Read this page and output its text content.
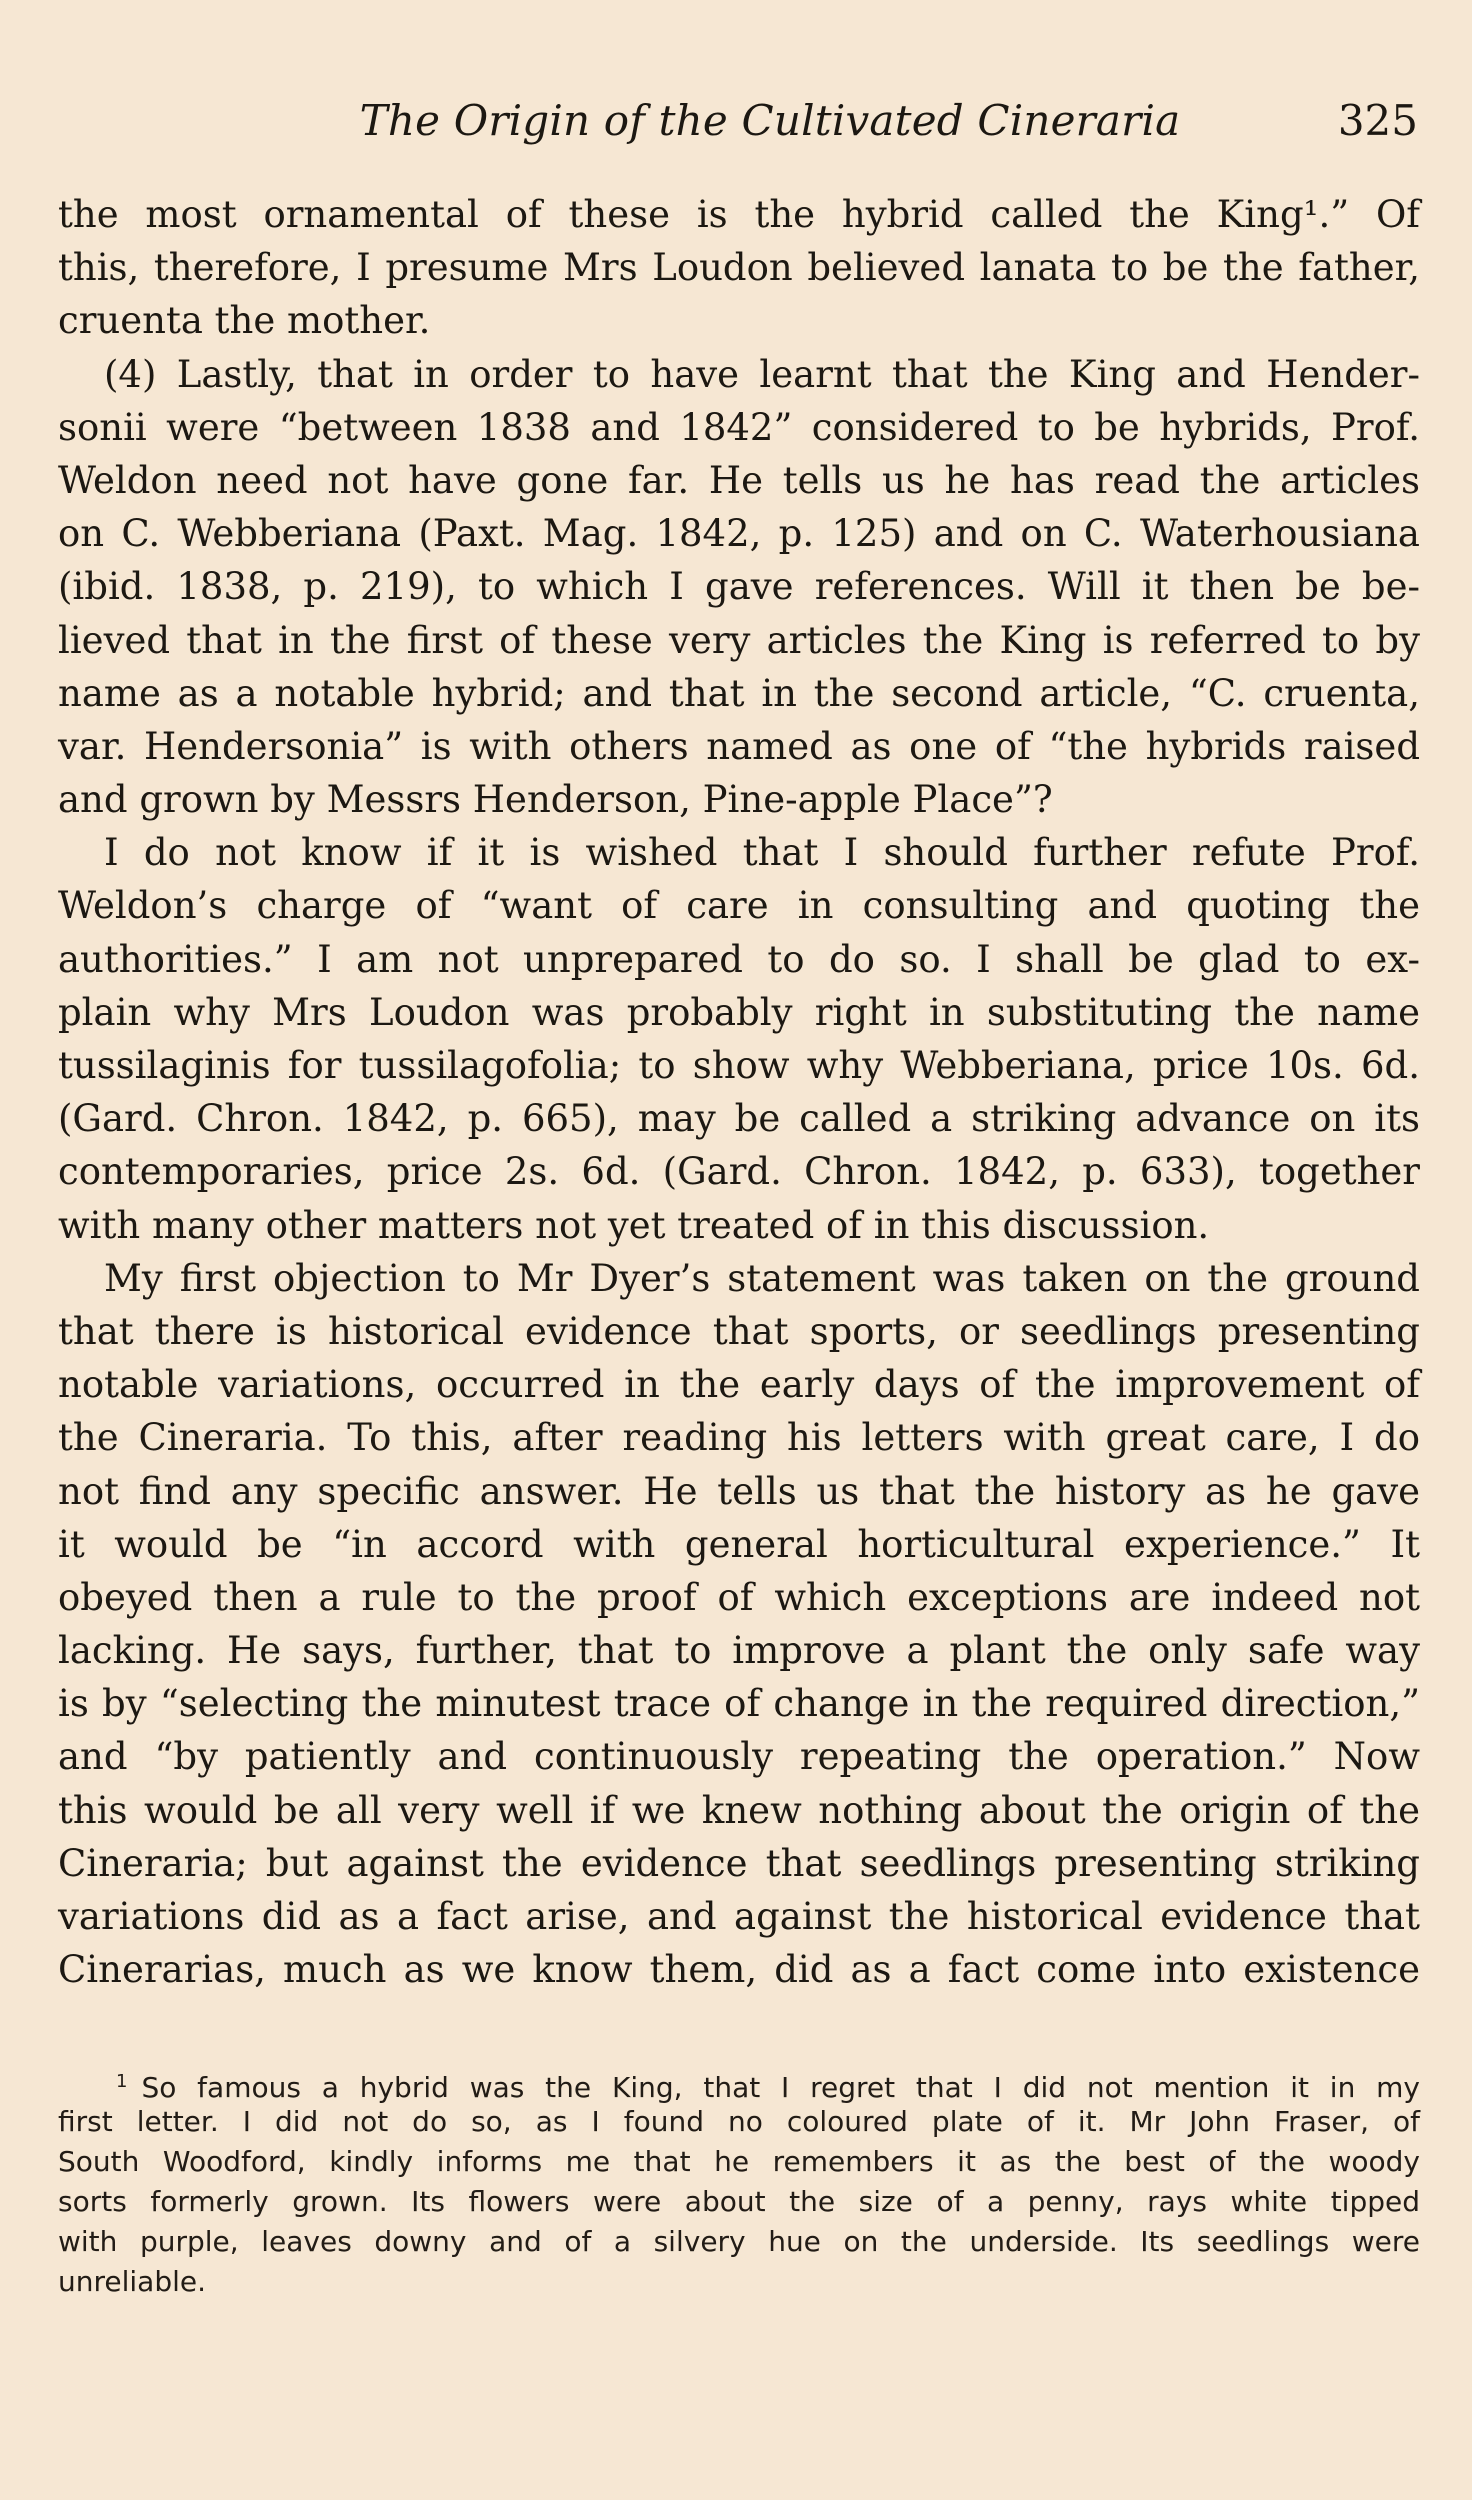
The Origin of the Cultivated Cineraria	325
the most ornamental of these is the hybrid called the King¹.” Of
this, therefore, I presume Mrs Loudon believed lanata to be the father,
cruenta the mother.
(4) Lastly, that in order to have learnt that the King and Hender-
sonii were “between 1838 and 1842” considered to be hybrids, Prof.
Weldon need not have gone far. He tells us he has read the articles
on C. Webberiana (Paxt. Mag. 1842, p. 125) and on C. Waterhousiana
(ibid. 1838, p. 219), to which I gave references. Will it then be be-
lieved that in the first of these very articles the King is referred to by
name as a notable hybrid; and that in the second article, “C. cruenta,
var. Hendersonia” is with others named as one of “the hybrids raised
and grown by Messrs Henderson, Pine-apple Place”?
I do not know if it is wished that I should further refute Prof.
Weldon’s charge of “want of care in consulting and quoting the
authorities.” I am not unprepared to do so. I shall be glad to ex-
plain why Mrs Loudon was probably right in substituting the name
tussilaginis for tussilagofolia; to show why Webberiana, price 10s. 6d.
(Gard. Chron. 1842, p. 665), may be called a striking advance on its
contemporaries, price 2s. 6d. (Gard. Chron. 1842, p. 633), together
with many other matters not yet treated of in this discussion.
My first objection to Mr Dyer’s statement was taken on the ground
that there is historical evidence that sports, or seedlings presenting
notable variations, occurred in the early days of the improvement of
the Cineraria. To this, after reading his letters with great care, I do
not find any specific answer. He tells us that the history as he gave
it would be “in accord with general horticultural experience.” It
obeyed then a rule to the proof of which exceptions are indeed not
lacking. He says, further, that to improve a plant the only safe way
is by “selecting the minutest trace of change in the required direction,”
and “by patiently and continuously repeating the operation.” Now
this would be all very well if we knew nothing about the origin of the
Cineraria; but against the evidence that seedlings presenting striking
variations did as a fact arise, and against the historical evidence that
Cinerarias, much as we know them, did as a fact come into existence
$^1$ So famous a hybrid was the King, that I regret that I did not mention it in my
first letter. I did not do so, as I found no coloured plate of it. Mr John Fraser, of
South Woodford, kindly informs me that he remembers it as the best of the woody
sorts formerly grown. Its flowers were about the size of a penny, rays white tipped
with purple, leaves downy and of a silvery hue on the underside. Its seedlings were
unreliable.
